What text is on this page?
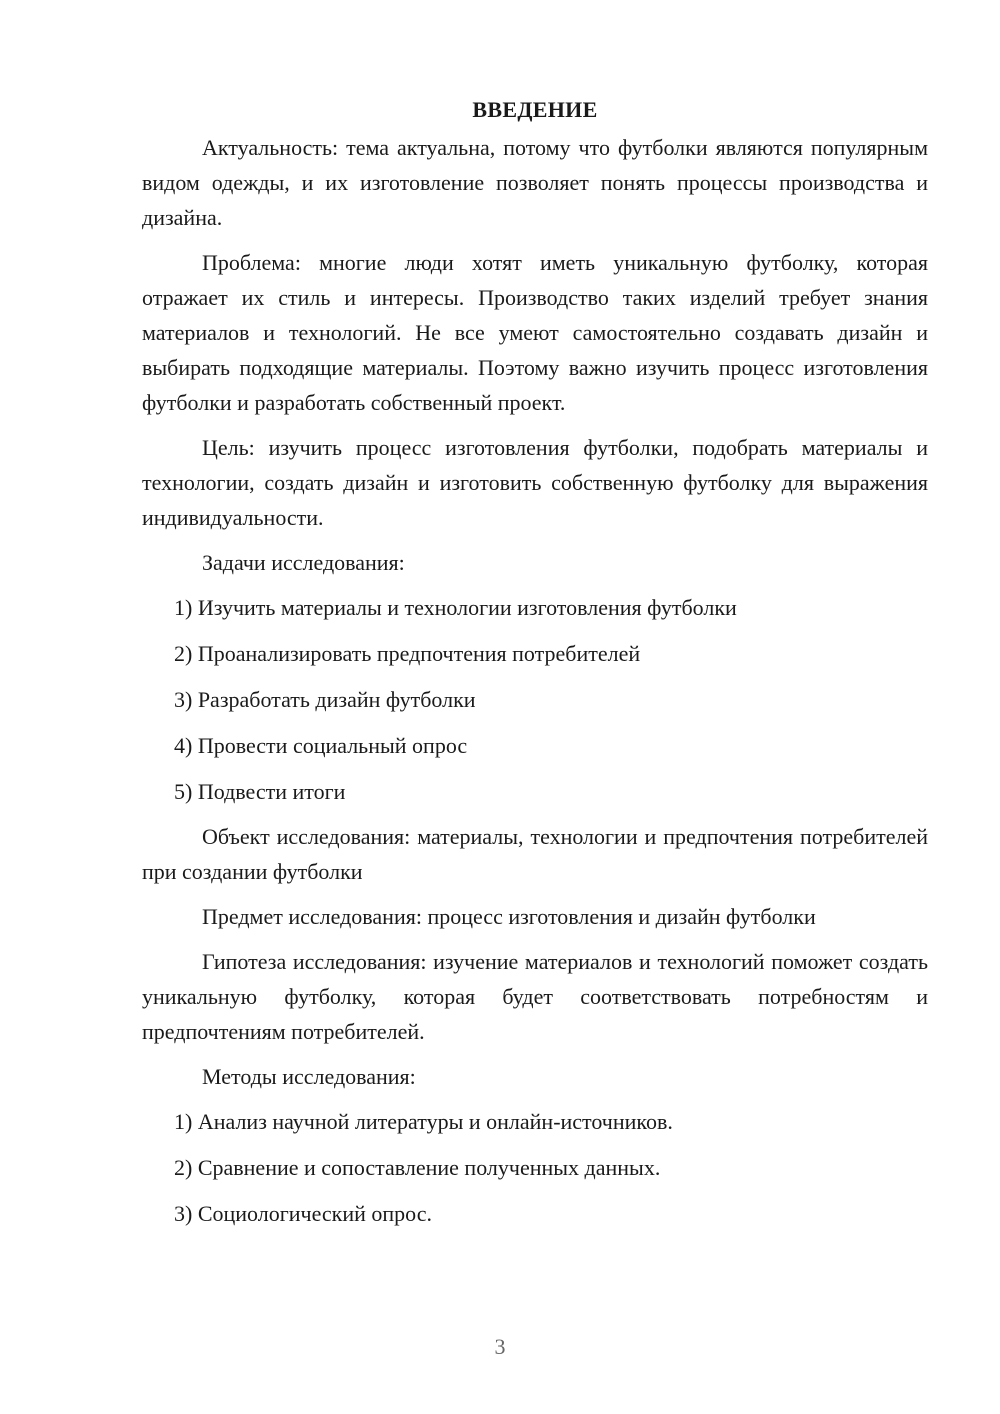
ВВЕДЕНИЕ

Актуальность: тема актуальна, потому что футболки являются популярным видом одежды, и их изготовление позволяет понять процессы производства и дизайна.

Проблема: многие люди хотят иметь уникальную футболку, которая отражает их стиль и интересы. Производство таких изделий требует знания материалов и технологий. Не все умеют самостоятельно создавать дизайн и выбирать подходящие материалы. Поэтому важно изучить процесс изготовления футболки и разработать собственный проект.

Цель: изучить процесс изготовления футболки, подобрать материалы и технологии, создать дизайн и изготовить собственную футболку для выражения индивидуальности.

Задачи исследования:

1) Изучить материалы и технологии изготовления футболки
2) Проанализировать предпочтения потребителей
3) Разработать дизайн футболки
4) Провести социальный опрос
5) Подвести итоги

Объект исследования: материалы, технологии и предпочтения потребителей при создании футболки

Предмет исследования: процесс изготовления и дизайн футболки

Гипотеза исследования: изучение материалов и технологий поможет создать уникальную футболку, которая будет соответствовать потребностям и предпочтениям потребителей.

Методы исследования:

1) Анализ научной литературы и онлайн-источников.
2) Сравнение и сопоставление полученных данных.
3) Социологический опрос.
3
